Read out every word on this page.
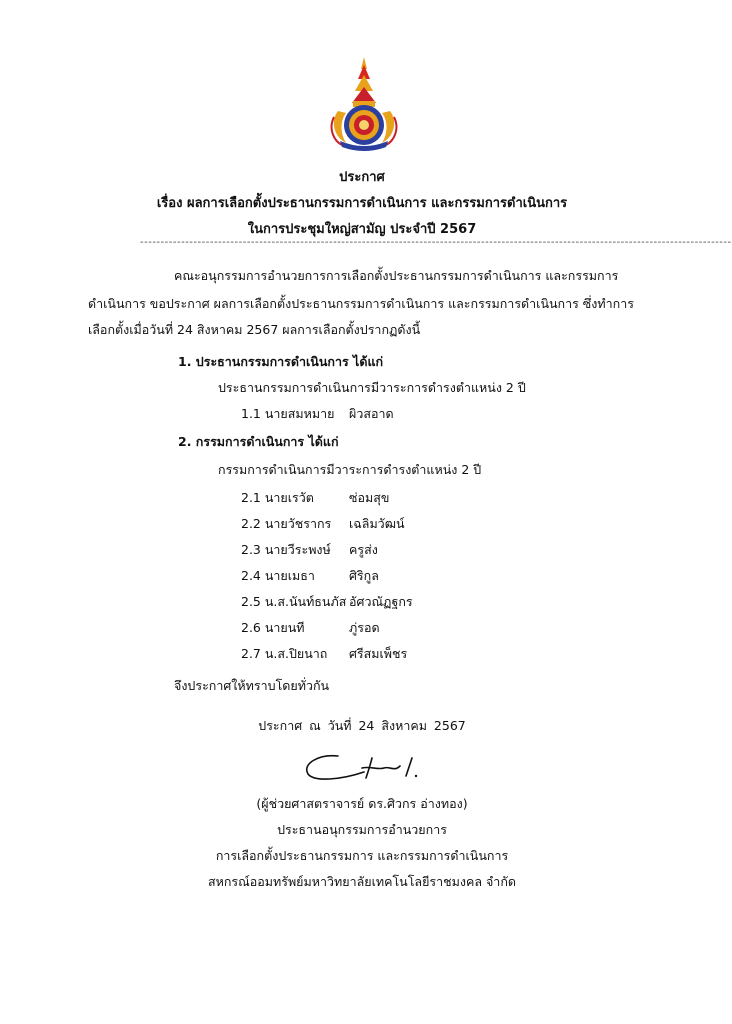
ประกาศ
เรื่อง ผลการเลือกตั้งประธานกรรมการดำเนินการ และกรรมการดำเนินการ
ในการประชุมใหญ่สามัญ ประจำปี 2567
------------------------------------------------------------------------------------------------------------------------------------------------
คณะอนุกรรมการอำนวยการการเลือกตั้งประธานกรรมการดำเนินการ และกรรมการ
ดำเนินการ ขอประกาศ ผลการเลือกตั้งประธานกรรมการดำเนินการ และกรรมการดำเนินการ ซึ่งทำการ
เลือกตั้งเมื่อวันที่ 24 สิงหาคม 2567 ผลการเลือกตั้งปรากฏดังนี้
1. ประธานกรรมการดำเนินการ ได้แก่
ประธานกรรมการดำเนินการมีวาระการดำรงตำแหน่ง 2 ปี
1.1 นายสมหมาย ผิวสอาด
2. กรรมการดำเนินการ ได้แก่
กรรมการดำเนินการมีวาระการดำรงตำแหน่ง 2 ปี
2.1 นายเรวัต	ซ่อมสุข
2.2 นายวัชรากร เฉลิมวัฒน์
2.3 นายวีระพงษ์ ครูส่ง
2.4 นายเมธา	ศิริกูล
2.5 น.ส.นันท์ธนภัส อัศวณัฏฐกร
2.6 นายนที	ภู่รอด
2.7 น.ส.ปิยนาถ ศรีสมเพ็ชร
จึงประกาศให้ทราบโดยทั่วกัน
ประกาศ ณ วันที่ 24 สิงหาคม 2567
(ผู้ช่วยศาสตราจารย์ ดร.ศิวกร อ่างทอง)
ประธานอนุกรรมการอำนวยการ
การเลือกตั้งประธานกรรมการ และกรรมการดำเนินการ
สหกรณ์ออมทรัพย์มหาวิทยาลัยเทคโนโลยีราชมงคล จำกัด
